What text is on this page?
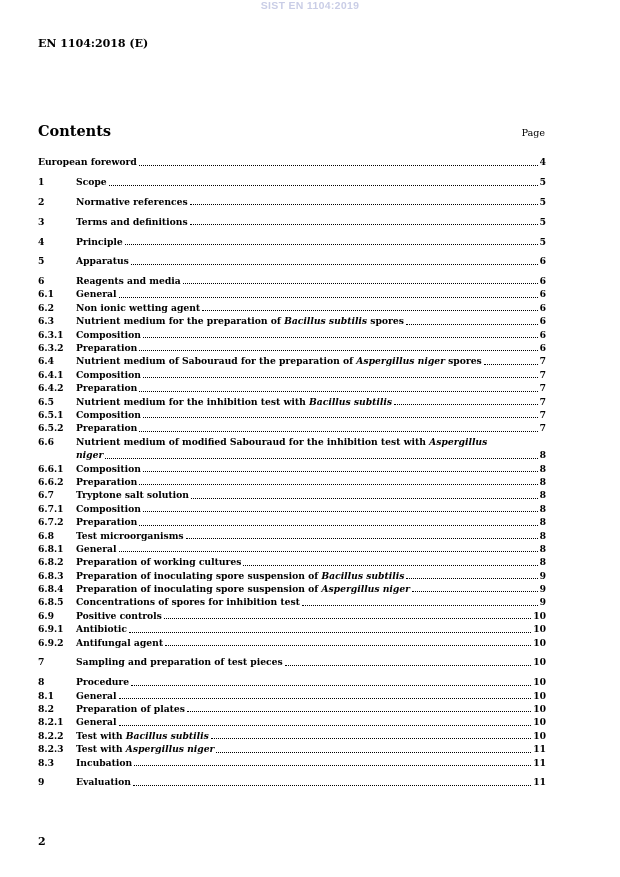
SIST EN 1104:2019
EN 1104:2018 (E)
Contents	Page
European foreword	4
1	Scope	5
2	Normative references	5
3	Terms and definitions	5
4	Principle	5
5	Apparatus	6
6	Reagents and media	6
6.1	General	6
6.2	Non ionic wetting agent	6
6.3	Nutrient medium for the preparation of Bacillus subtilis spores	6
6.3.1	Composition	6
6.3.2	Preparation	6
6.4	Nutrient medium of Sabouraud for the preparation of Aspergillus niger spores	7
6.4.1	Composition	7
6.4.2	Preparation	7
6.5	Nutrient medium for the inhibition test with Bacillus subtilis	7
6.5.1	Composition	7
6.5.2	Preparation	7
6.6	Nutrient medium of modified Sabouraud for the inhibition test with Aspergillus
niger	8
6.6.1	Composition	8
6.6.2	Preparation	8
6.7	Tryptone salt solution	8
6.7.1	Composition	8
6.7.2	Preparation	8
6.8	Test microorganisms	8
6.8.1	General	8
6.8.2	Preparation of working cultures	8
6.8.3	Preparation of inoculating spore suspension of Bacillus subtilis	9
6.8.4	Preparation of inoculating spore suspension of Aspergillus niger	9
6.8.5	Concentrations of spores for inhibition test	9
6.9	Positive controls	10
6.9.1	Antibiotic	10
6.9.2	Antifungal agent	10
7	Sampling and preparation of test pieces	10
8	Procedure	10
8.1	General	10
8.2	Preparation of plates	10
8.2.1	General	10
8.2.2	Test with Bacillus subtilis	10
8.2.3	Test with Aspergillus niger	11
8.3	Incubation	11
9	Evaluation	11
2
